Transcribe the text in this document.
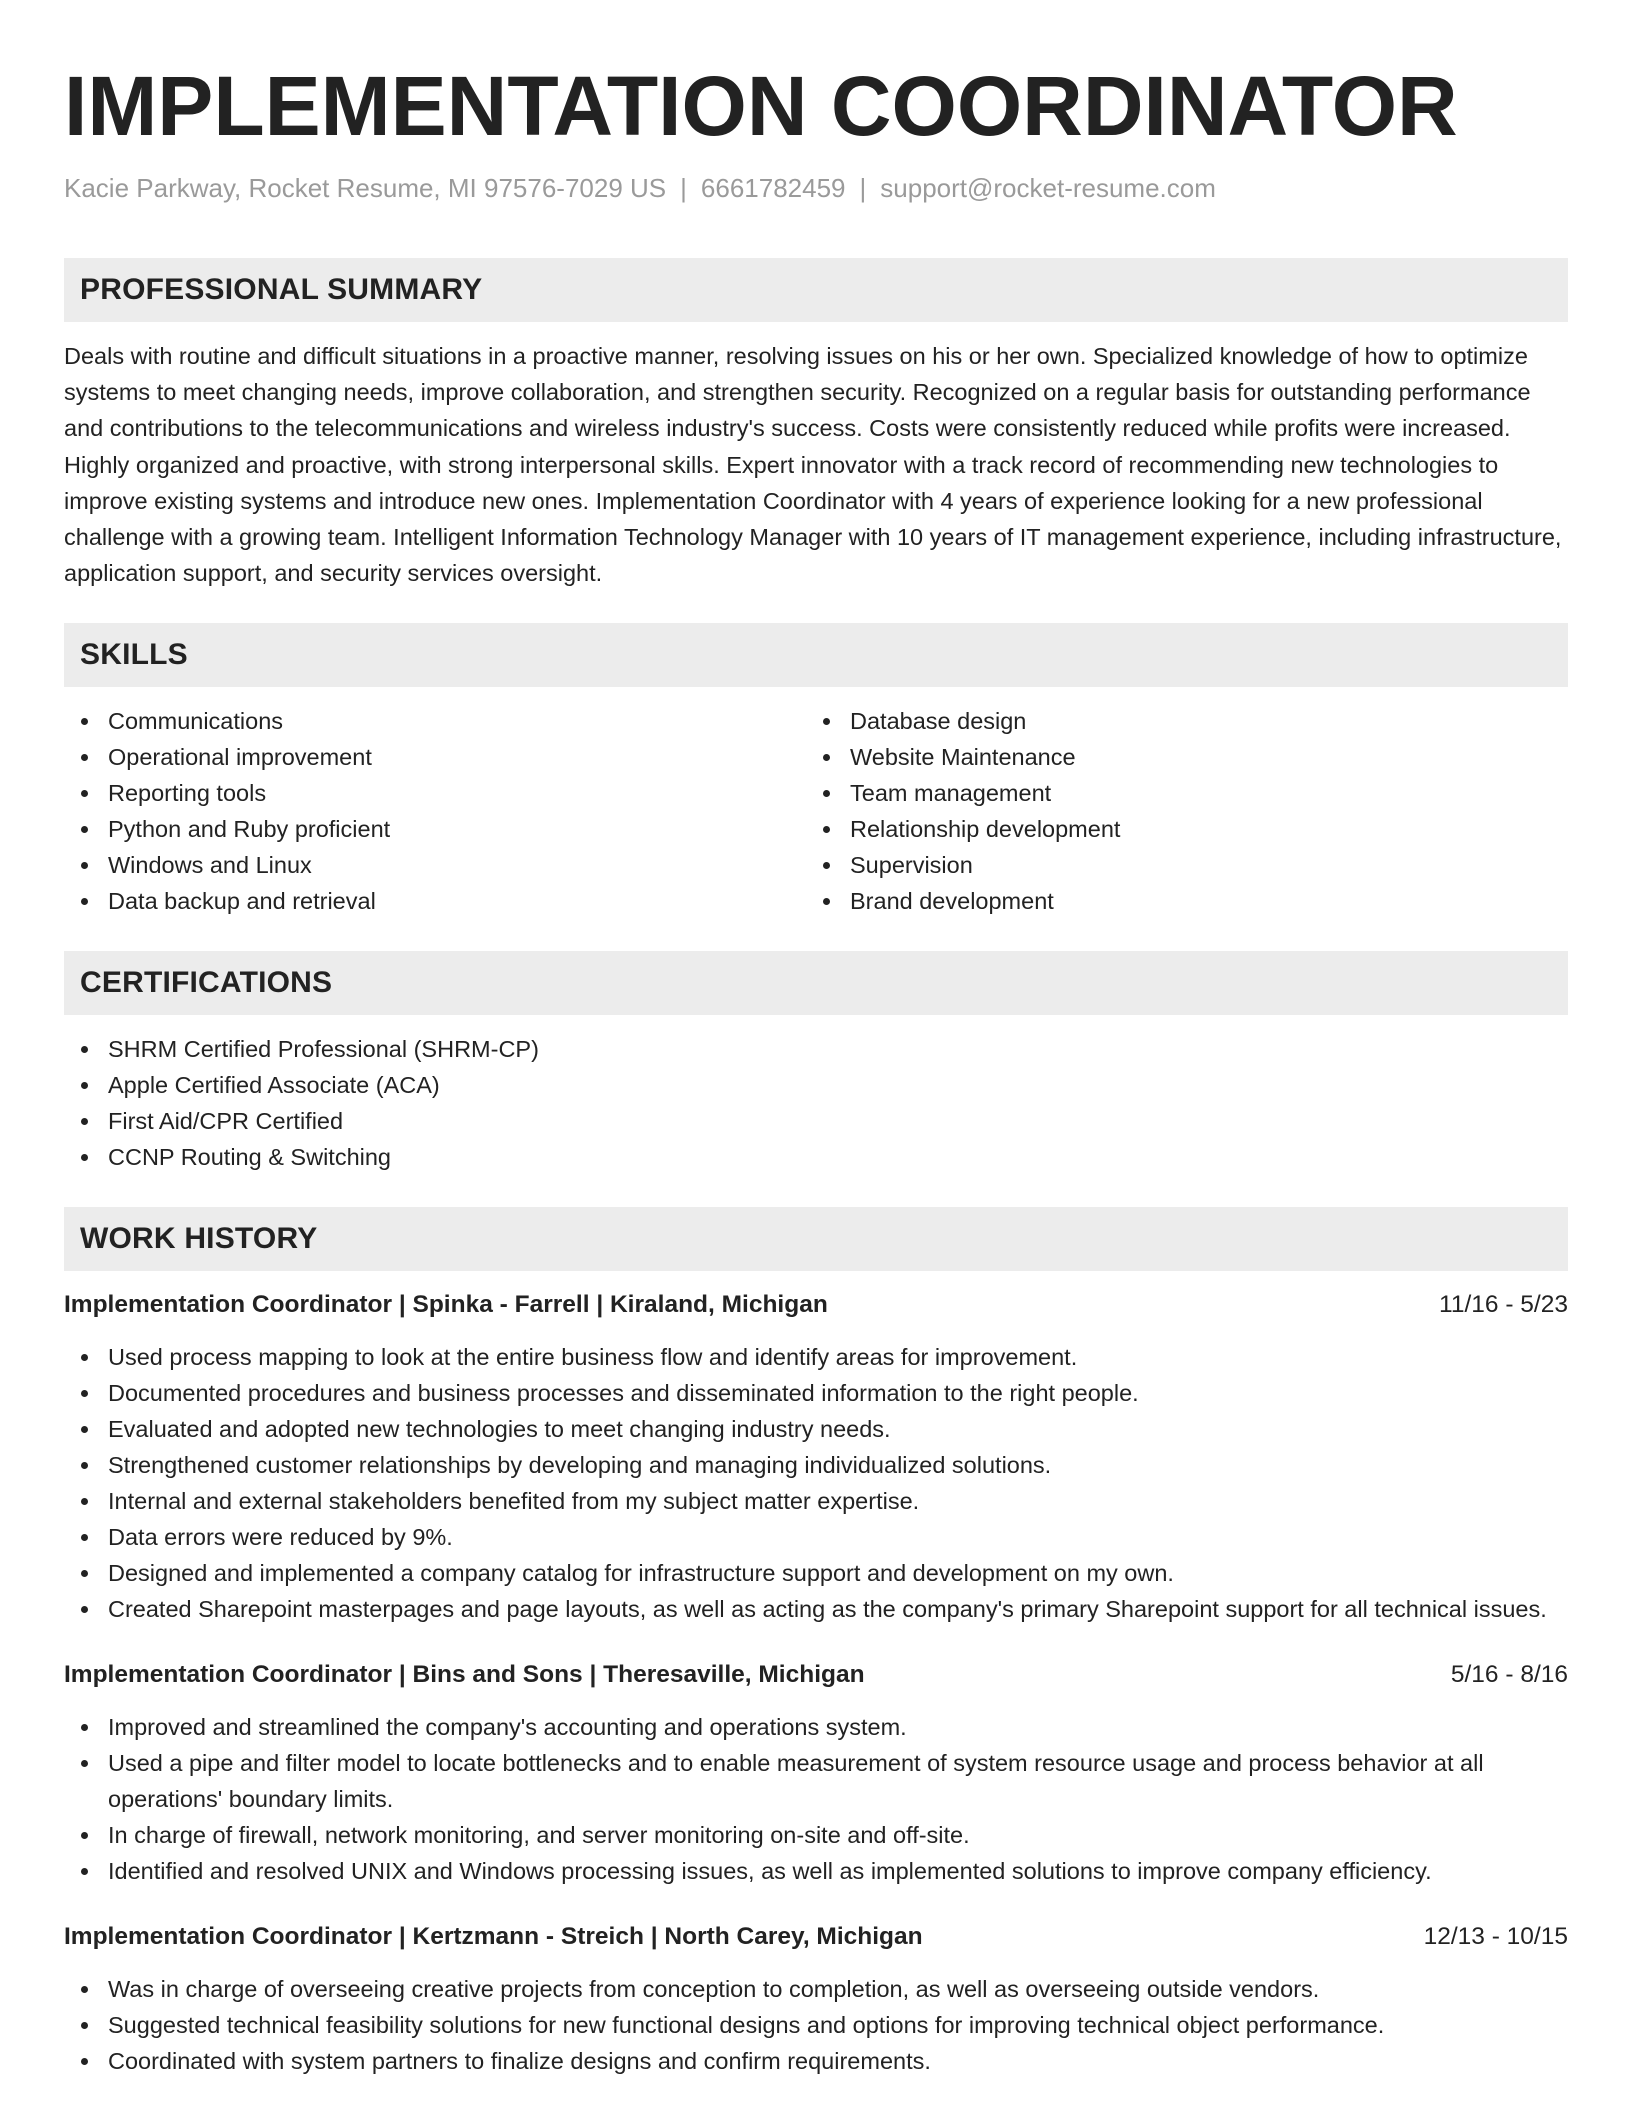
IMPLEMENTATION COORDINATOR
Kacie Parkway, Rocket Resume, MI 97576-7029 US | 6661782459 | support@rocket-resume.com
PROFESSIONAL SUMMARY

Deals with routine and difficult situations in a proactive manner, resolving issues on his or her own. Specialized knowledge of how to optimize systems to meet changing needs, improve collaboration, and strengthen security. Recognized on a regular basis for outstanding performance and contributions to the telecommunications and wireless industry's success. Costs were consistently reduced while profits were increased. Highly organized and proactive, with strong interpersonal skills. Expert innovator with a track record of recommending new technologies to improve existing systems and introduce new ones. Implementation Coordinator with 4 years of experience looking for a new professional challenge with a growing team. Intelligent Information Technology Manager with 10 years of IT management experience, including infrastructure, application support, and security services oversight.

SKILLS
Communications
Operational improvement
Reporting tools
Python and Ruby proficient
Windows and Linux
Data backup and retrieval
Database design
Website Maintenance
Team management
Relationship development
Supervision
Brand development
CERTIFICATIONS
SHRM Certified Professional (SHRM-CP)
Apple Certified Associate (ACA)
First Aid/CPR Certified
CCNP Routing & Switching
WORK HISTORY
Implementation Coordinator | Spinka - Farrell | Kiraland, Michigan	11/16 - 5/23
Used process mapping to look at the entire business flow and identify areas for improvement.
Documented procedures and business processes and disseminated information to the right people.
Evaluated and adopted new technologies to meet changing industry needs.
Strengthened customer relationships by developing and managing individualized solutions.
Internal and external stakeholders benefited from my subject matter expertise.
Data errors were reduced by 9%.
Designed and implemented a company catalog for infrastructure support and development on my own.
Created Sharepoint masterpages and page layouts, as well as acting as the company's primary Sharepoint support for all technical issues.
Implementation Coordinator | Bins and Sons | Theresaville, Michigan	5/16 - 8/16
Improved and streamlined the company's accounting and operations system.
Used a pipe and filter model to locate bottlenecks and to enable measurement of system resource usage and process behavior at all operations' boundary limits.
In charge of firewall, network monitoring, and server monitoring on-site and off-site.
Identified and resolved UNIX and Windows processing issues, as well as implemented solutions to improve company efficiency.
Implementation Coordinator | Kertzmann - Streich | North Carey, Michigan	12/13 - 10/15
Was in charge of overseeing creative projects from conception to completion, as well as overseeing outside vendors.
Suggested technical feasibility solutions for new functional designs and options for improving technical object performance.
Coordinated with system partners to finalize designs and confirm requirements.
